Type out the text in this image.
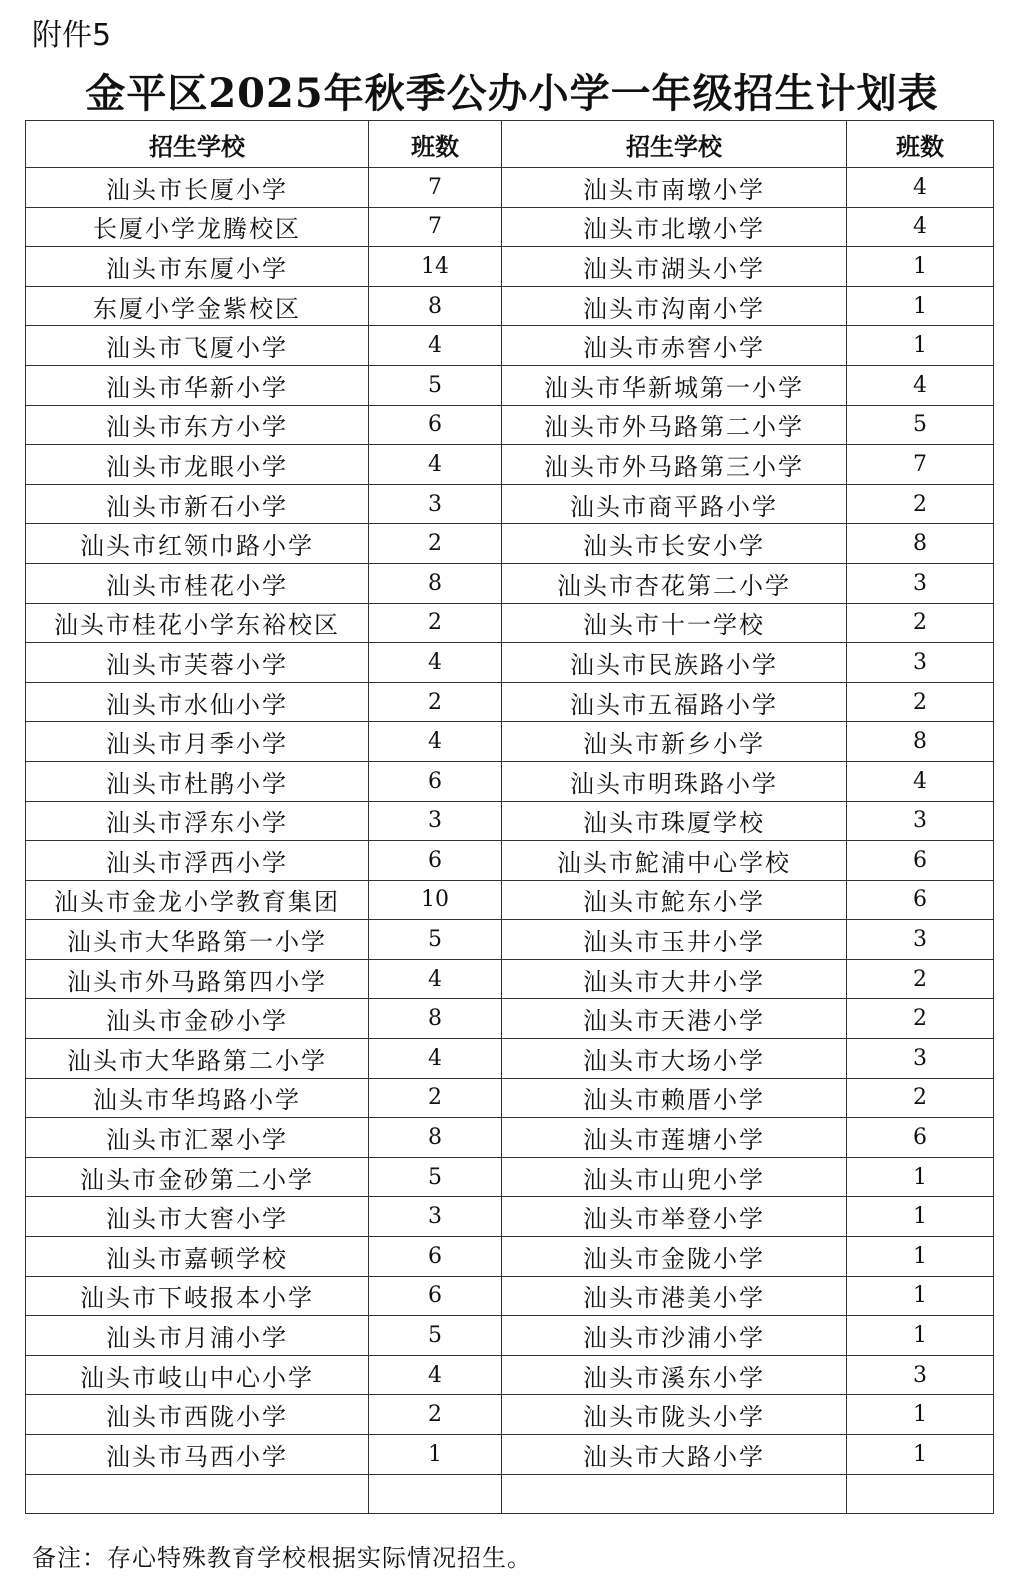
附件5
金平区2025年秋季公办小学一年级招生计划表
招生学校	班数	招生学校	班数
汕头市长厦小学	7	汕头市南墩小学	4
长厦小学龙腾校区	7	汕头市北墩小学	4
汕头市东厦小学	14	汕头市湖头小学	1
东厦小学金紫校区	8	汕头市沟南小学	1
汕头市飞厦小学	4	汕头市赤窖小学	1
汕头市华新小学	5	汕头市华新城第一小学	4
汕头市东方小学	6	汕头市外马路第二小学	5
汕头市龙眼小学	4	汕头市外马路第三小学	7
汕头市新石小学	3	汕头市商平路小学	2
汕头市红领巾路小学	2	汕头市长安小学	8
汕头市桂花小学	8	汕头市杏花第二小学	3
汕头市桂花小学东裕校区	2	汕头市十一学校	2
汕头市芙蓉小学	4	汕头市民族路小学	3
汕头市水仙小学	2	汕头市五福路小学	2
汕头市月季小学	4	汕头市新乡小学	8
汕头市杜鹃小学	6	汕头市明珠路小学	4
汕头市浮东小学	3	汕头市珠厦学校	3
汕头市浮西小学	6	汕头市鮀浦中心学校	6
汕头市金龙小学教育集团	10	汕头市鮀东小学	6
汕头市大华路第一小学	5	汕头市玉井小学	3
汕头市外马路第四小学	4	汕头市大井小学	2
汕头市金砂小学	8	汕头市天港小学	2
汕头市大华路第二小学	4	汕头市大场小学	3
汕头市华坞路小学	2	汕头市赖厝小学	2
汕头市汇翠小学	8	汕头市莲塘小学	6
汕头市金砂第二小学	5	汕头市山兜小学	1
汕头市大窖小学	3	汕头市举登小学	1
汕头市嘉顿学校	6	汕头市金陇小学	1
汕头市下岐报本小学	6	汕头市港美小学	1
汕头市月浦小学	5	汕头市沙浦小学	1
汕头市岐山中心小学	4	汕头市溪东小学	3
汕头市西陇小学	2	汕头市陇头小学	1
汕头市马西小学	1	汕头市大路小学	1

备注：存心特殊教育学校根据实际情况招生。
